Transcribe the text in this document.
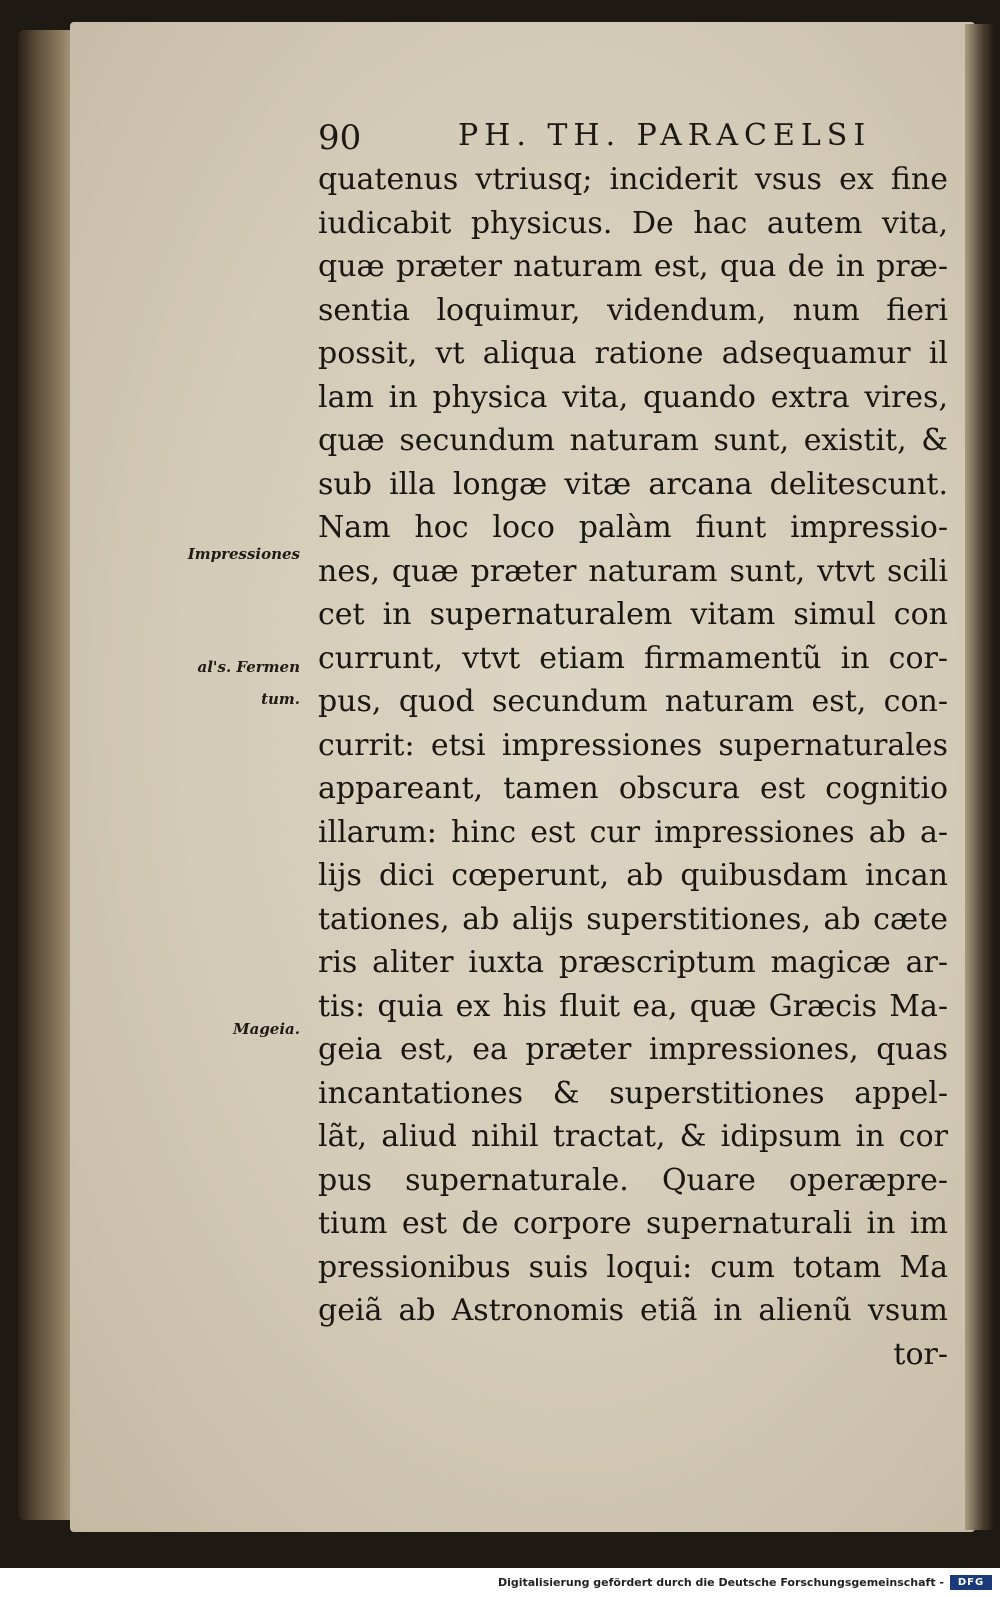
90	PH. TH. PARACELSI
quatenus vtriusq; inciderit vsus ex fine
iudicabit physicus. De hac autem vita,
quæ præter naturam est, qua de in præ-
sentia loquimur, videndum, num fieri
possit, vt aliqua ratione adsequamur il
lam in physica vita, quando extra vires,
quæ secundum naturam sunt, existit, &
sub illa longæ vitæ arcana delitescunt.
Nam hoc loco palàm fiunt impressio-
nes, quæ præter naturam sunt, vtvt scili
cet in supernaturalem vitam simul con
currunt, vtvt etiam firmamentũ in cor-
pus, quod secundum naturam est, con-
currit: etsi impressiones supernaturales
appareant, tamen obscura est cognitio
illarum: hinc est cur impressiones ab a-
lijs dici cœperunt, ab quibusdam incan
tationes, ab alijs superstitiones, ab cæte
ris aliter iuxta præscriptum magicæ ar-
tis: quia ex his fluit ea, quæ Græcis Ma-
geia est, ea præter impressiones, quas
incantationes & superstitiones appel-
lãt, aliud nihil tractat, & idipsum in cor
pus supernaturale. Quare operæpre-
tium est de corpore supernaturali in im
pressionibus suis loqui: cum totam Ma
geiã ab Astronomis etiã in alienũ vsum
tor-
Impressiones
al's. Fermen
tum.
Mageia.
Digitalisierung gefördert durch die Deutsche Forschungsgemeinschaft -	DFG
